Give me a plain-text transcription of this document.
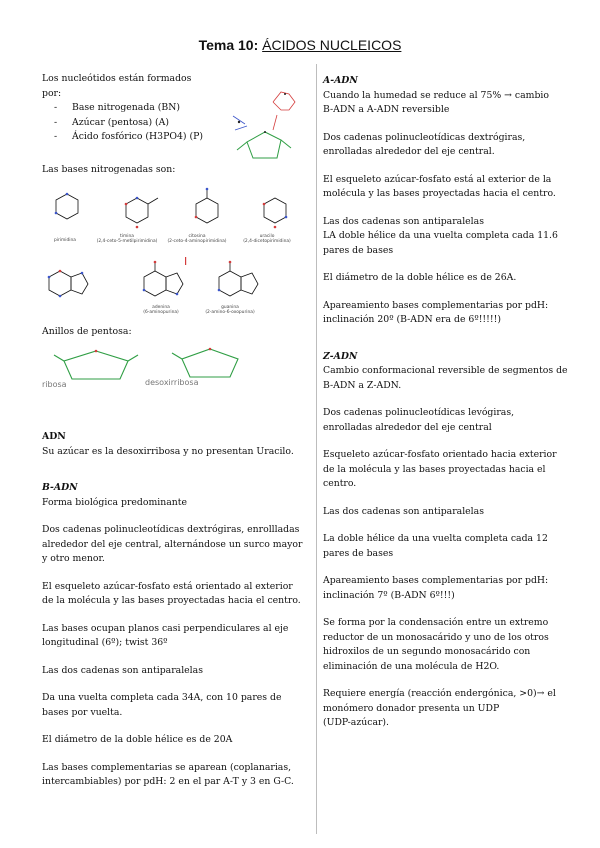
Tema 10: ÁCIDOS NUCLEICOS

Los nucleótidos están formados

por:

- Base nitrogenada (BN)
- Azúcar (pentosa) (A)
- Ácido fosfórico (H3PO4) (P)

Las bases nitrogenadas son:

pirimidina
timina
(2,4-ceto-5-metilpirimidina)
citosina
(2-ceto-4-aminopirimidina)
uracilo
(2,4-dicetopirimidina)
adenina
(6-aminopurina)
guanina
(2-amino-6-oxopurina)

Anillos de pentosa:

ribosa	desoxirribosa

ADN

Su azúcar es la desoxirribosa y no presentan Uracilo.

B-ADN

Forma biológica predominante

Dos cadenas polinucleotídicas dextrógiras, enrollladas

alrededor del eje central, alternándose un surco mayor

y otro menor.

El esqueleto azúcar-fosfato está orientado al exterior

de la molécula y las bases proyectadas hacia el centro.

Las bases ocupan planos casi perpendiculares al eje

longitudinal (6º); twist 36º

Las dos cadenas son antiparalelas

Da una vuelta completa cada 34A, con 10 pares de

bases por vuelta.

El diámetro de la doble hélice es de 20A

Las bases complementarias se aparean (coplanarias,

intercambiables) por pdH: 2 en el par A-T y 3 en G-C.

A-ADN

Cuando la humedad se reduce al 75% → cambio

B-ADN a A-ADN reversible

Dos cadenas polinucleotídicas dextrógiras,

enrolladas alrededor del eje central.

El esqueleto azúcar-fosfato está al exterior de la

molécula y las bases proyectadas hacia el centro.

Las dos cadenas son antiparalelas

LA doble hélice da una vuelta completa cada 11.6

pares de bases

El diámetro de la doble hélice es de 26A.

Apareamiento bases complementarias por pdH:

inclinación 20º (B-ADN era de 6º!!!!!)

Z-ADN

Cambio conformacional reversible de segmentos de

B-ADN a Z-ADN.

Dos cadenas polinucleotídicas levógiras,

enrolladas alrededor del eje central

Esqueleto azúcar-fosfato orientado hacia exterior

de la molécula y las bases proyectadas hacia el

centro.

Las dos cadenas son antiparalelas

La doble hélice da una vuelta completa cada 12

pares de bases

Apareamiento bases complementarias por pdH:

inclinación 7º (B-ADN 6º!!!)

Se forma por la condensación entre un extremo

reductor de un monosacárido y uno de los otros

hidroxilos de un segundo monosacárido con

eliminación de una molécula de H2O.

Requiere energía (reacción endergónica, >0)→ el

monómero donador presenta un UDP

(UDP-azúcar).
